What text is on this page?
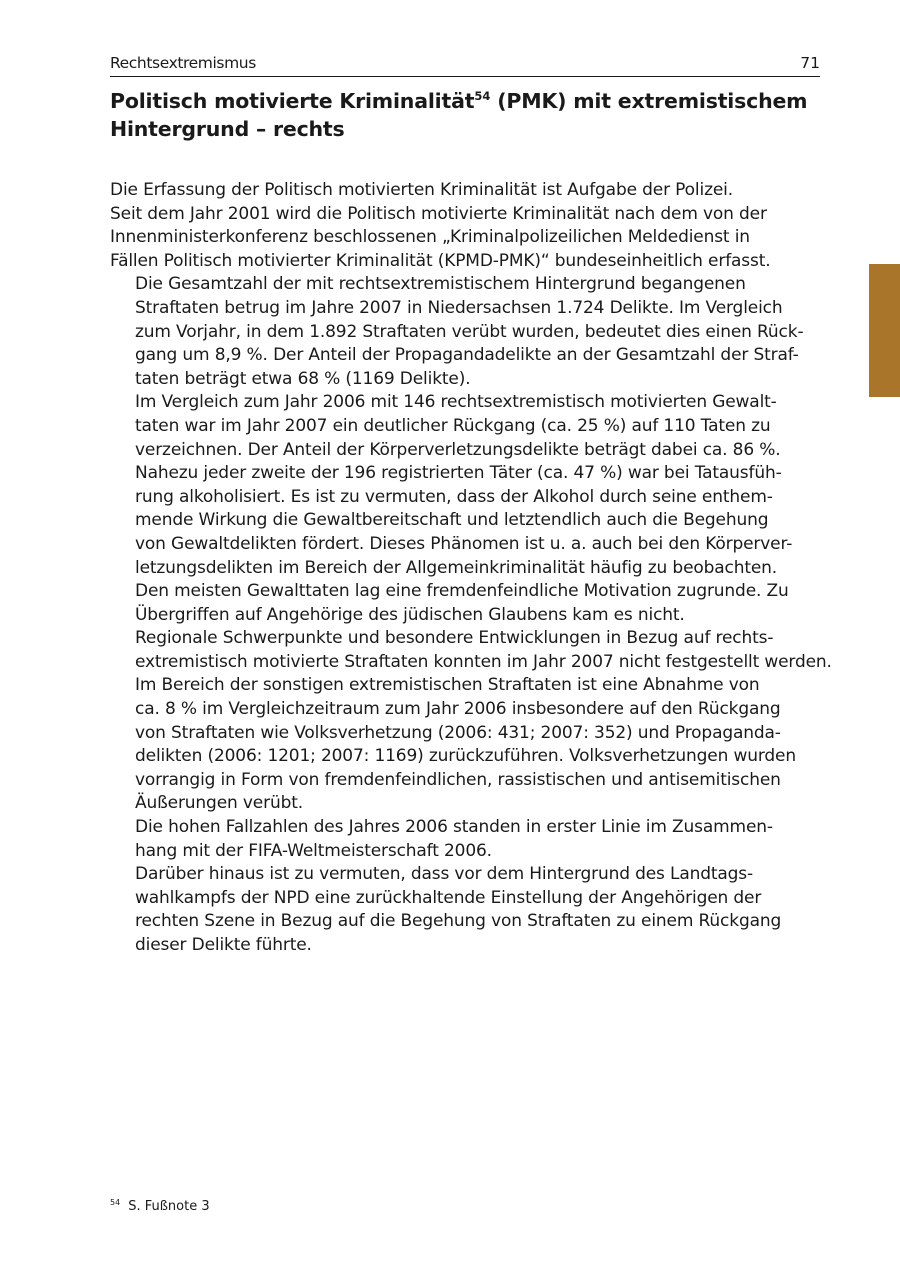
Rechtsextremismus	71
Politisch motivierte Kriminalität$^{54}$ (PMK) mit extremistischem
Hintergrund – rechts

Die Erfassung der Politisch motivierten Kriminalität ist Aufgabe der Polizei.
Seit dem Jahr 2001 wird die Politisch motivierte Kriminalität nach dem von der
Innenministerkonferenz beschlossenen „Kriminalpolizeilichen Meldedienst in
Fällen Politisch motivierter Kriminalität (KPMD-PMK)“ bundeseinheitlich erfasst.

Die Gesamtzahl der mit rechtsextremistischem Hintergrund begangenen
Straftaten betrug im Jahre 2007 in Niedersachsen 1.724 Delikte. Im Vergleich
zum Vorjahr, in dem 1.892 Straftaten verübt wurden, bedeutet dies einen Rück-
gang um 8,9 %. Der Anteil der Propagandadelikte an der Gesamtzahl der Straf-
taten beträgt etwa 68 % (1169 Delikte).

Im Vergleich zum Jahr 2006 mit 146 rechtsextremistisch motivierten Gewalt-
taten war im Jahr 2007 ein deutlicher Rückgang (ca. 25 %) auf 110 Taten zu
verzeichnen. Der Anteil der Körperverletzungsdelikte beträgt dabei ca. 86 %.
Nahezu jeder zweite der 196 registrierten Täter (ca. 47 %) war bei Tatausfüh-
rung alkoholisiert. Es ist zu vermuten, dass der Alkohol durch seine enthem-
mende Wirkung die Gewaltbereitschaft und letztendlich auch die Begehung
von Gewaltdelikten fördert. Dieses Phänomen ist u. a. auch bei den Körperver-
letzungsdelikten im Bereich der Allgemeinkriminalität häufig zu beobachten.
Den meisten Gewalttaten lag eine fremdenfeindliche Motivation zugrunde. Zu
Übergriffen auf Angehörige des jüdischen Glaubens kam es nicht.

Regionale Schwerpunkte und besondere Entwicklungen in Bezug auf rechts-
extremistisch motivierte Straftaten konnten im Jahr 2007 nicht festgestellt werden.

Im Bereich der sonstigen extremistischen Straftaten ist eine Abnahme von
ca. 8 % im Vergleichzeitraum zum Jahr 2006 insbesondere auf den Rückgang
von Straftaten wie Volksverhetzung (2006: 431; 2007: 352) und Propaganda-
delikten (2006: 1201; 2007: 1169) zurückzuführen. Volksverhetzungen wurden
vorrangig in Form von fremdenfeindlichen, rassistischen und antisemitischen
Äußerungen verübt.

Die hohen Fallzahlen des Jahres 2006 standen in erster Linie im Zusammen-
hang mit der FIFA-Weltmeisterschaft 2006.

Darüber hinaus ist zu vermuten, dass vor dem Hintergrund des Landtags-
wahlkampfs der NPD eine zurückhaltende Einstellung der Angehörigen der
rechten Szene in Bezug auf die Begehung von Straftaten zu einem Rückgang
dieser Delikte führte.

$^{54}$ S. Fußnote 3
